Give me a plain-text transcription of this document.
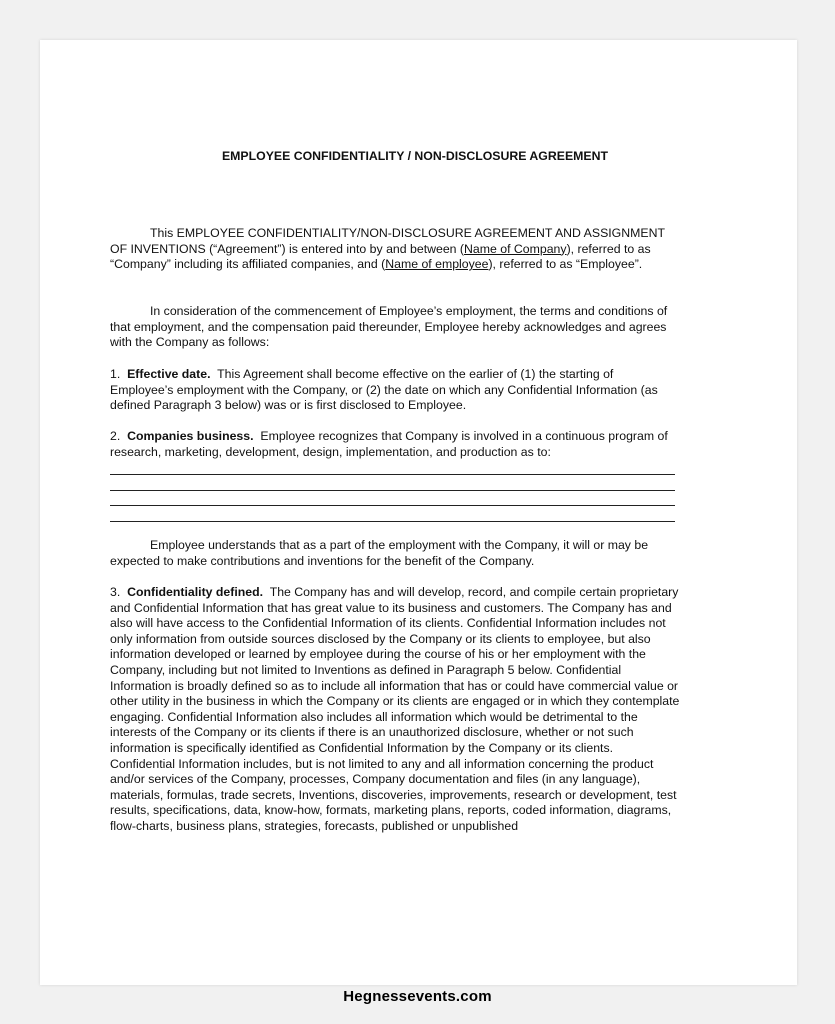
EMPLOYEE CONFIDENTIALITY / NON-DISCLOSURE AGREEMENT

This EMPLOYEE CONFIDENTIALITY/NON-DISCLOSURE AGREEMENT AND ASSIGNMENT OF INVENTIONS (“Agreement”) is entered into by and between (Name of Company), referred to as “Company” including its affiliated companies, and (Name of employee), referred to as “Employee”.

In consideration of the commencement of Employee’s employment, the terms and conditions of that employment, and the compensation paid thereunder, Employee hereby acknowledges and agrees with the Company as follows:

1. Effective date. This Agreement shall become effective on the earlier of (1) the starting of Employee’s employment with the Company, or (2) the date on which any Confidential Information (as defined Paragraph 3 below) was or is first disclosed to Employee.

2. Companies business. Employee recognizes that Company is involved in a continuous program of research, marketing, development, design, implementation, and production as to:

Employee understands that as a part of the employment with the Company, it will or may be expected to make contributions and inventions for the benefit of the Company.

3. Confidentiality defined. The Company has and will develop, record, and compile certain proprietary and Confidential Information that has great value to its business and customers. The Company has and also will have access to the Confidential Information of its clients. Confidential Information includes not only information from outside sources disclosed by the Company or its clients to employee, but also information developed or learned by employee during the course of his or her employment with the Company, including but not limited to Inventions as defined in Paragraph 5 below. Confidential Information is broadly defined so as to include all information that has or could have commercial value or other utility in the business in which the Company or its clients are engaged or in which they contemplate engaging. Confidential Information also includes all information which would be detrimental to the interests of the Company or its clients if there is an unauthorized disclosure, whether or not such information is specifically identified as Confidential Information by the Company or its clients. Confidential Information includes, but is not limited to any and all information concerning the product and/or services of the Company, processes, Company documentation and files (in any language), materials, formulas, trade secrets, Inventions, discoveries, improvements, research or development, test results, specifications, data, know-how, formats, marketing plans, reports, coded information, diagrams, flow-charts, business plans, strategies, forecasts, published or unpublished

Hegnessevents.com
